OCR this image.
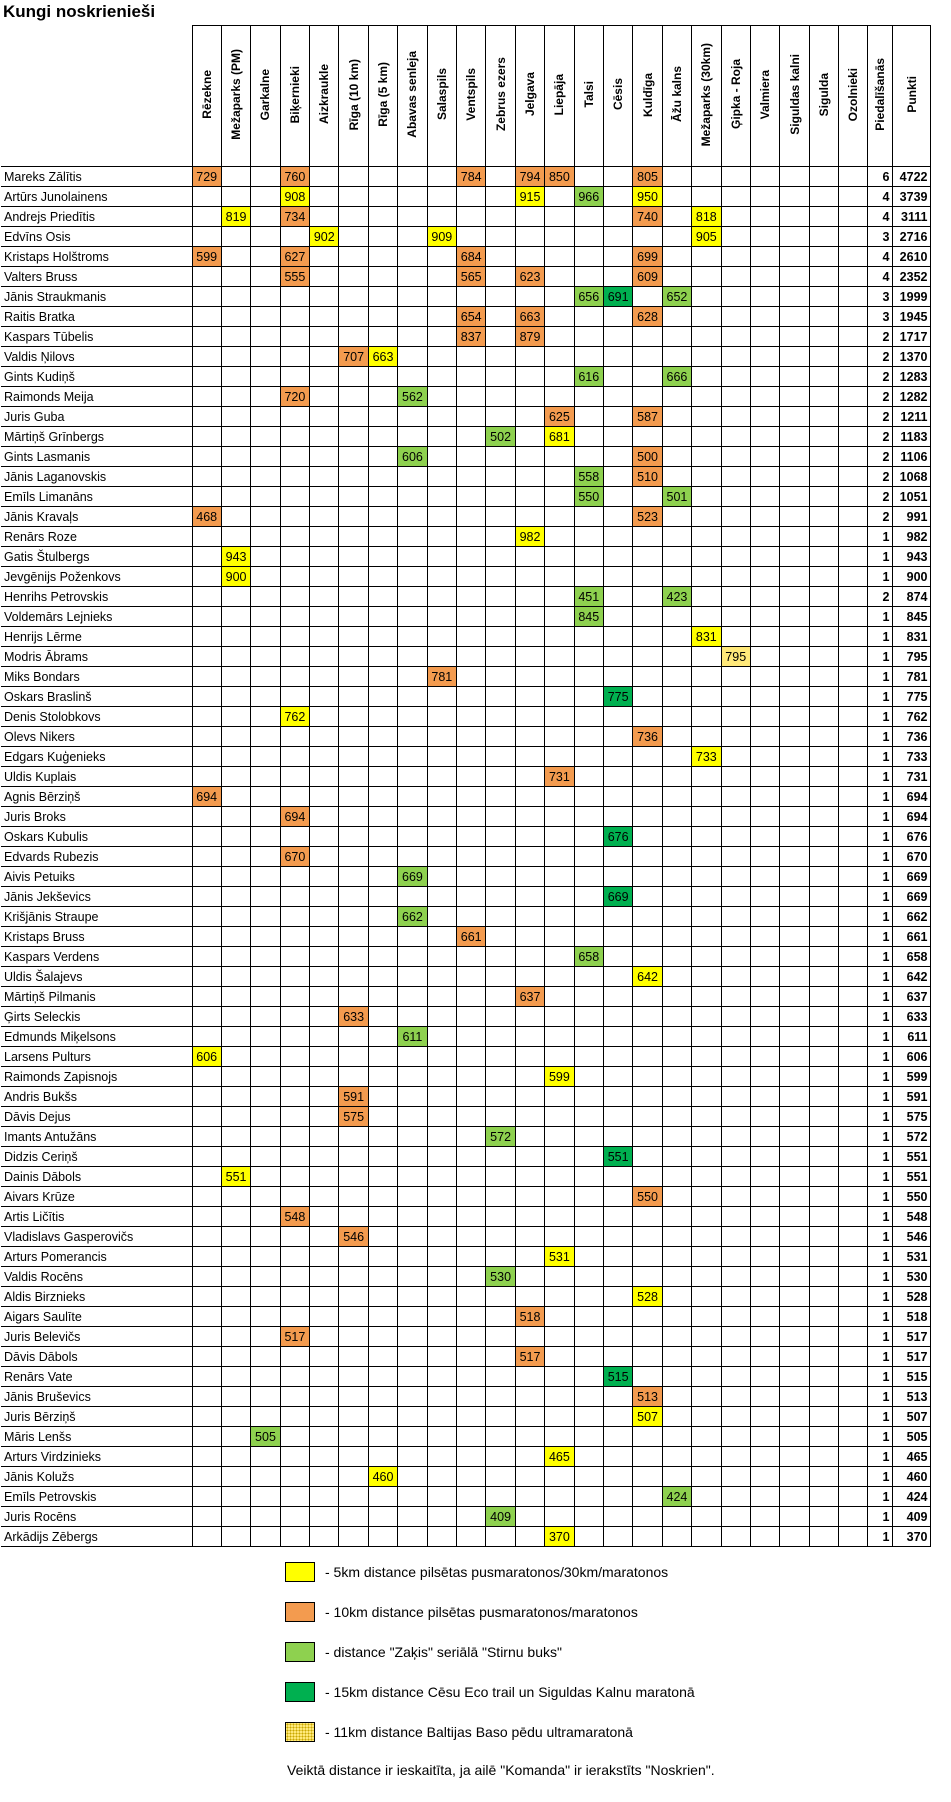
Kungi noskrienieši
	Rēzekne	Mežaparks (PM)	Garkalne	Biķernieki	Aizkraukle	Rīga (10 km)	Rīga (5 km)	Abavas senleja	Salaspils	Ventspils	Zebrus ezers	Jelgava	Liepāja	Talsi	Cēsis	Kuldīga	Āžu kalns	Mežaparks (30km)	Ģipka - Roja	Valmiera	Siguldas kalni	Sigulda	Ozolnieki	Piedalīšanās	Punkti
Mareks Zālītis	729			760						784		794	850			805								6	4722
Artūrs Junolainens				908								915		966		950								4	3739
Andrejs Priedītis		819		734												740		818						4	3111
Edvīns Osis					902				909									905						3	2716
Kristaps Holštroms	599			627						684						699								4	2610
Valters Bruss				555						565		623				609								4	2352
Jānis Straukmanis														656	691		652							3	1999
Raitis Bratka										654		663				628								3	1945
Kaspars Tūbelis										837		879												2	1717
Valdis Ņilovs						707	663																	2	1370
Gints Kudiņš														616			666							2	1283
Raimonds Meija				720				562																2	1282
Juris Guba													625			587								2	1211
Mārtiņš Grīnbergs											502		681											2	1183
Gints Lasmanis								606								500								2	1106
Jānis Laganovskis														558		510								2	1068
Emīls Limanāns														550			501							2	1051
Jānis Kravaļs	468															523								2	991
Renārs Roze												982												1	982
Gatis Štulbergs		943																						1	943
Jevgēnijs Poženkovs		900																						1	900
Henrihs Petrovskis														451			423							2	874
Voldemārs Lejnieks														845										1	845
Henrijs Lērme																		831						1	831
Modris Ābrams																			795					1	795
Miks Bondars									781															1	781
Oskars Braslinš															775									1	775
Denis Stolobkovs				762																				1	762
Olevs Nikers																736								1	736
Edgars Kuģenieks																		733						1	733
Uldis Kuplais													731											1	731
Agnis Bērziņš	694																							1	694
Juris Broks				694																				1	694
Oskars Kubulis															676									1	676
Edvards Rubezis				670																				1	670
Aivis Petuiks								669																1	669
Jānis Jekševics															669									1	669
Krišjānis Straupe								662																1	662
Kristaps Bruss										661														1	661
Kaspars Verdens														658										1	658
Uldis Šalajevs																642								1	642
Mārtiņš Pilmanis												637												1	637
Ģirts Seleckis						633																		1	633
Edmunds Miķelsons								611																1	611
Larsens Pulturs	606																							1	606
Raimonds Zapisnojs													599											1	599
Andris Bukšs						591																		1	591
Dāvis Dejus						575																		1	575
Imants Antužāns											572													1	572
Didzis Ceriņš															551									1	551
Dainis Dābols		551																						1	551
Aivars Krūze																550								1	550
Artis Ličītis				548																				1	548
Vladislavs Gasperovičs						546																		1	546
Arturs Pomerancis													531											1	531
Valdis Rocēns											530													1	530
Aldis Birznieks																528								1	528
Aigars Saulīte												518												1	518
Juris Belevičs				517																				1	517
Dāvis Dābols												517												1	517
Renārs Vate															515									1	515
Jānis Bruševics																513								1	513
Juris Bērziņš																507								1	507
Māris Lenšs			505																					1	505
Arturs Virdzinieks													465											1	465
Jānis Kolužs							460																	1	460
Emīls Petrovskis																	424							1	424
Juris Rocēns											409													1	409
Arkādijs Zēbergs													370											1	370
- 5km distance pilsētas pusmaratonos/30km/maratonos
- 10km distance pilsētas pusmaratonos/maratonos
- distance "Zaķis" seriālā "Stirnu buks"
- 15km distance Cēsu Eco trail un Siguldas Kalnu maratonā
- 11km distance Baltijas Baso pēdu ultramaratonā
Veiktā distance ir ieskaitīta, ja ailē "Komanda" ir ierakstīts "Noskrien".
